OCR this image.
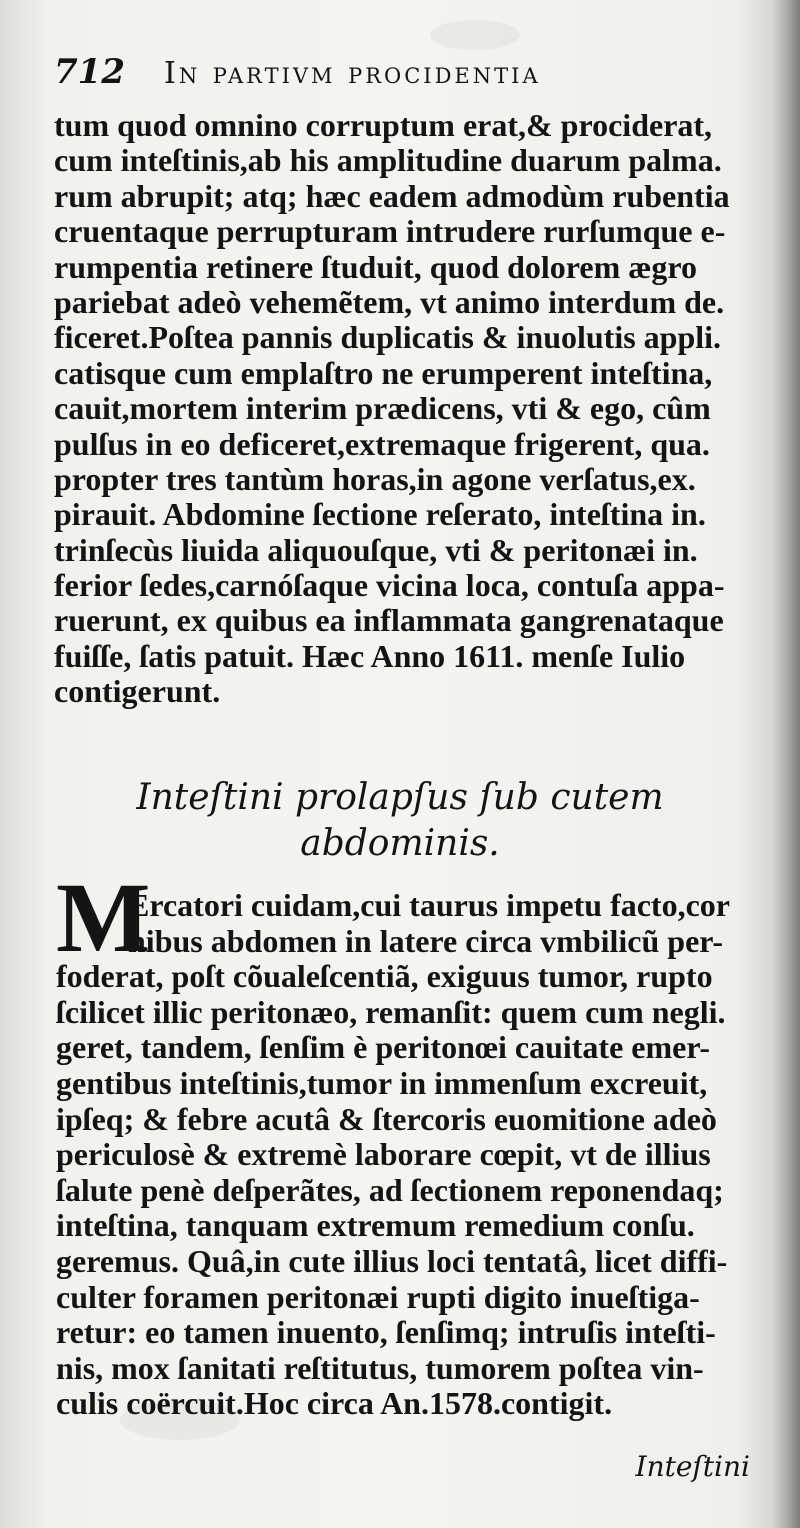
712	In partivm procidentia
tum quod omnino corruptum erat,& prociderat,
cum inteſtinis,ab his amplitudine duarum palma.
rum abrupit; atq; hæc eadem admodùm rubentia
cruentaque perrupturam intrudere rurſumque e-
rumpentia retinere ſtuduit, quod dolorem ægro
pariebat adeò vehemẽtem, vt animo interdum de.
ficeret.Poſtea pannis duplicatis & inuolutis appli.
catisque cum emplaſtro ne erumperent inteſtina,
cauit,mortem interim prædicens, vti & ego, cûm
pulſus in eo deficeret,extremaque frigerent, qua.
propter tres tantùm horas,in agone verſatus,ex.
pirauit. Abdomine ſectione reſerato, inteſtina in.
trinſecùs liuida aliquouſque, vti & peritonæi in.
ferior ſedes,carnóſaque vicina loca, contuſa appa-
ruerunt, ex quibus ea inflammata gangrenataque
fuiſſe, ſatis patuit. Hæc Anno 1611. menſe Iulio
contigerunt.
Inteſtini prolapſus ſub cutem
abdominis.
M
Ercatori cuidam,cui taurus impetu facto,cor
nibus abdomen in latere circa vmbilicũ per-
foderat, poſt cõualeſcentiã, exiguus tumor, rupto
ſcilicet illic peritonæo, remanſit: quem cum negli.
geret, tandem, ſenſim è peritonœi cauitate emer-
gentibus inteſtinis,tumor in immenſum excreuit,
ipſeq; & febre acutâ & ſtercoris euomitione adeò
periculosè & extremè laborare cœpit, vt de illius
ſalute penè deſperãtes, ad ſectionem reponendaq;
inteſtina, tanquam extremum remedium conſu.
geremus. Quâ,in cute illius loci tentatâ, licet diffi-
culter foramen peritonæi rupti digito inueſtiga-
retur: eo tamen inuento, ſenſimq; intruſis inteſti-
nis, mox ſanitati reſtitutus, tumorem poſtea vin-
culis coërcuit.Hoc circa An.1578.contigit.
Inteſtini
